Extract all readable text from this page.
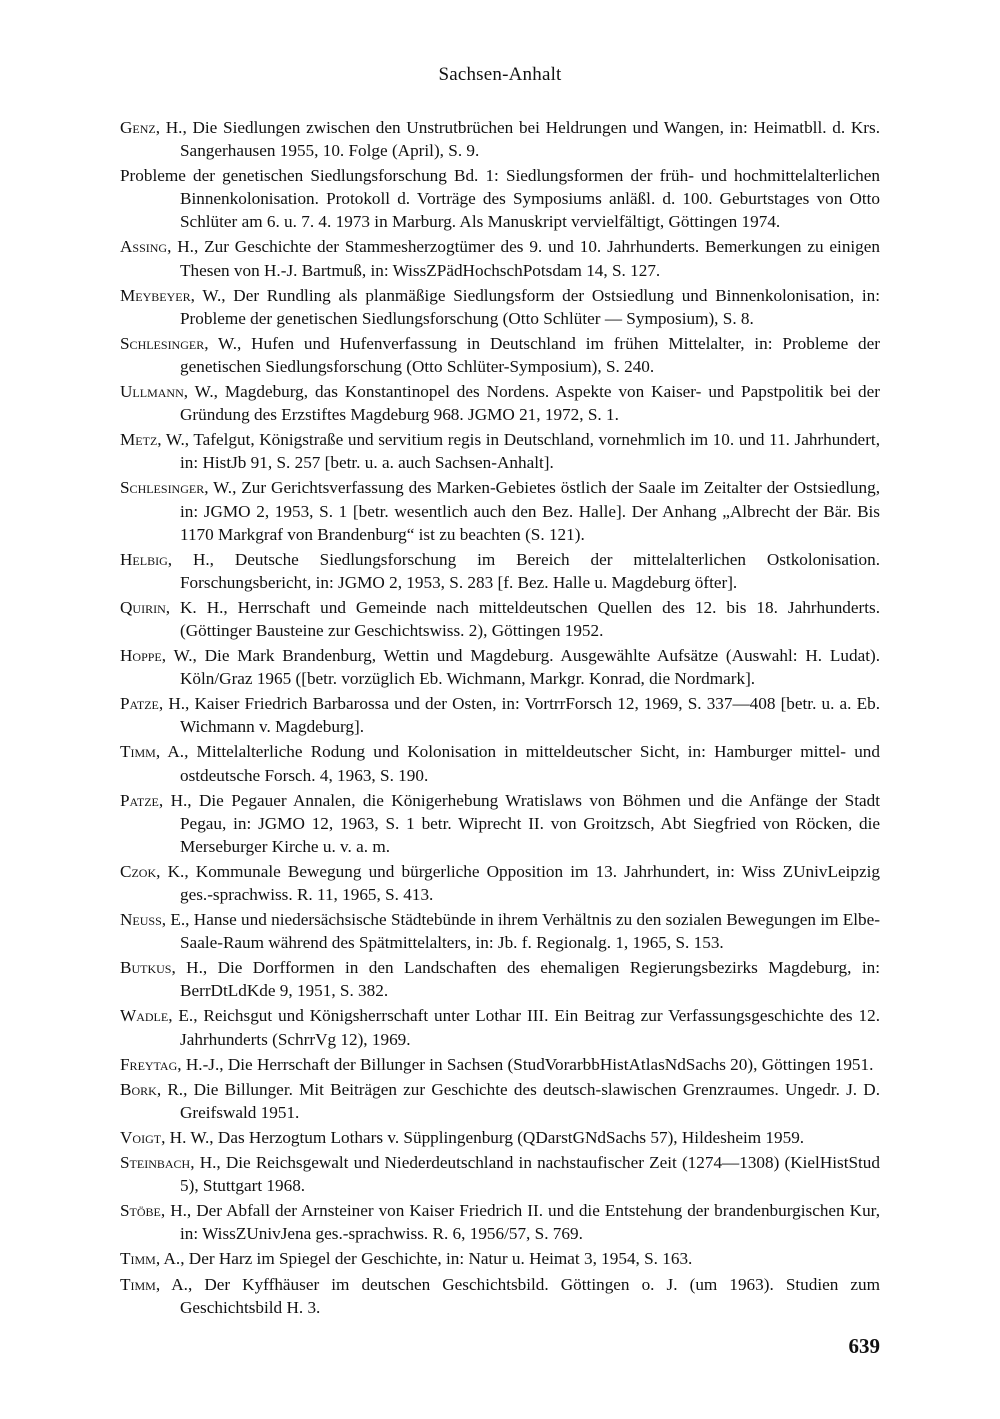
Sachsen-Anhalt

Genz, H., Die Siedlungen zwischen den Unstrutbrüchen bei Heldrungen und Wangen, in: Heimatbll. d. Krs. Sangerhausen 1955, 10. Folge (April), S. 9.

Probleme der genetischen Siedlungsforschung Bd. 1: Siedlungsformen der früh- und hochmittelalterlichen Binnenkolonisation. Protokoll d. Vorträge des Symposiums anläßl. d. 100. Geburtstages von Otto Schlüter am 6. u. 7. 4. 1973 in Marburg. Als Manuskript vervielfältigt, Göttingen 1974.

Assing, H., Zur Geschichte der Stammesherzogtümer des 9. und 10. Jahrhunderts. Bemerkungen zu einigen Thesen von H.-J. Bartmuß, in: WissZPädHochschPotsdam 14, S. 127.

Meybeyer, W., Der Rundling als planmäßige Siedlungsform der Ostsiedlung und Binnenkolonisation, in: Probleme der genetischen Siedlungsforschung (Otto Schlüter — Symposium), S. 8.

Schlesinger, W., Hufen und Hufenverfassung in Deutschland im frühen Mittelalter, in: Probleme der genetischen Siedlungsforschung (Otto Schlüter-Symposium), S. 240.

Ullmann, W., Magdeburg, das Konstantinopel des Nordens. Aspekte von Kaiser- und Papstpolitik bei der Gründung des Erzstiftes Magdeburg 968. JGMO 21, 1972, S. 1.

Metz, W., Tafelgut, Königstraße und servitium regis in Deutschland, vornehmlich im 10. und 11. Jahrhundert, in: HistJb 91, S. 257 [betr. u. a. auch Sachsen-Anhalt].

Schlesinger, W., Zur Gerichtsverfassung des Marken-Gebietes östlich der Saale im Zeitalter der Ostsiedlung, in: JGMO 2, 1953, S. 1 [betr. wesentlich auch den Bez. Halle]. Der Anhang „Albrecht der Bär. Bis 1170 Markgraf von Brandenburg“ ist zu beachten (S. 121).

Helbig, H., Deutsche Siedlungsforschung im Bereich der mittelalterlichen Ostkolonisation. Forschungsbericht, in: JGMO 2, 1953, S. 283 [f. Bez. Halle u. Magdeburg öfter].

Quirin, K. H., Herrschaft und Gemeinde nach mitteldeutschen Quellen des 12. bis 18. Jahrhunderts. (Göttinger Bausteine zur Geschichtswiss. 2), Göttingen 1952.

Hoppe, W., Die Mark Brandenburg, Wettin und Magdeburg. Ausgewählte Aufsätze (Auswahl: H. Ludat). Köln/Graz 1965 ([betr. vorzüglich Eb. Wichmann, Markgr. Konrad, die Nordmark].

Patze, H., Kaiser Friedrich Barbarossa und der Osten, in: VortrrForsch 12, 1969, S. 337—408 [betr. u. a. Eb. Wichmann v. Magdeburg].

Timm, A., Mittelalterliche Rodung und Kolonisation in mitteldeutscher Sicht, in: Hamburger mittel- und ostdeutsche Forsch. 4, 1963, S. 190.

Patze, H., Die Pegauer Annalen, die Königerhebung Wratislaws von Böhmen und die Anfänge der Stadt Pegau, in: JGMO 12, 1963, S. 1 betr. Wiprecht II. von Groitzsch, Abt Siegfried von Röcken, die Merseburger Kirche u. v. a. m.

Czok, K., Kommunale Bewegung und bürgerliche Opposition im 13. Jahrhundert, in: Wiss ZUnivLeipzig ges.-sprachwiss. R. 11, 1965, S. 413.

Neuss, E., Hanse und niedersächsische Städtebünde in ihrem Verhältnis zu den sozialen Bewegungen im Elbe-Saale-Raum während des Spätmittelalters, in: Jb. f. Regionalg. 1, 1965, S. 153.

Butkus, H., Die Dorfformen in den Landschaften des ehemaligen Regierungsbezirks Magdeburg, in: BerrDtLdKde 9, 1951, S. 382.

Wadle, E., Reichsgut und Königsherrschaft unter Lothar III. Ein Beitrag zur Verfassungsgeschichte des 12. Jahrhunderts (SchrrVg 12), 1969.

Freytag, H.-J., Die Herrschaft der Billunger in Sachsen (StudVorarbbHistAtlasNdSachs 20), Göttingen 1951.

Bork, R., Die Billunger. Mit Beiträgen zur Geschichte des deutsch-slawischen Grenzraumes. Ungedr. J. D. Greifswald 1951.

Voigt, H. W., Das Herzogtum Lothars v. Süpplingenburg (QDarstGNdSachs 57), Hildesheim 1959.

Steinbach, H., Die Reichsgewalt und Niederdeutschland in nachstaufischer Zeit (1274—1308) (KielHistStud 5), Stuttgart 1968.

Stöbe, H., Der Abfall der Arnsteiner von Kaiser Friedrich II. und die Entstehung der brandenburgischen Kur, in: WissZUnivJena ges.-sprachwiss. R. 6, 1956/57, S. 769.

Timm, A., Der Harz im Spiegel der Geschichte, in: Natur u. Heimat 3, 1954, S. 163.

Timm, A., Der Kyffhäuser im deutschen Geschichtsbild. Göttingen o. J. (um 1963). Studien zum Geschichtsbild H. 3.

639
